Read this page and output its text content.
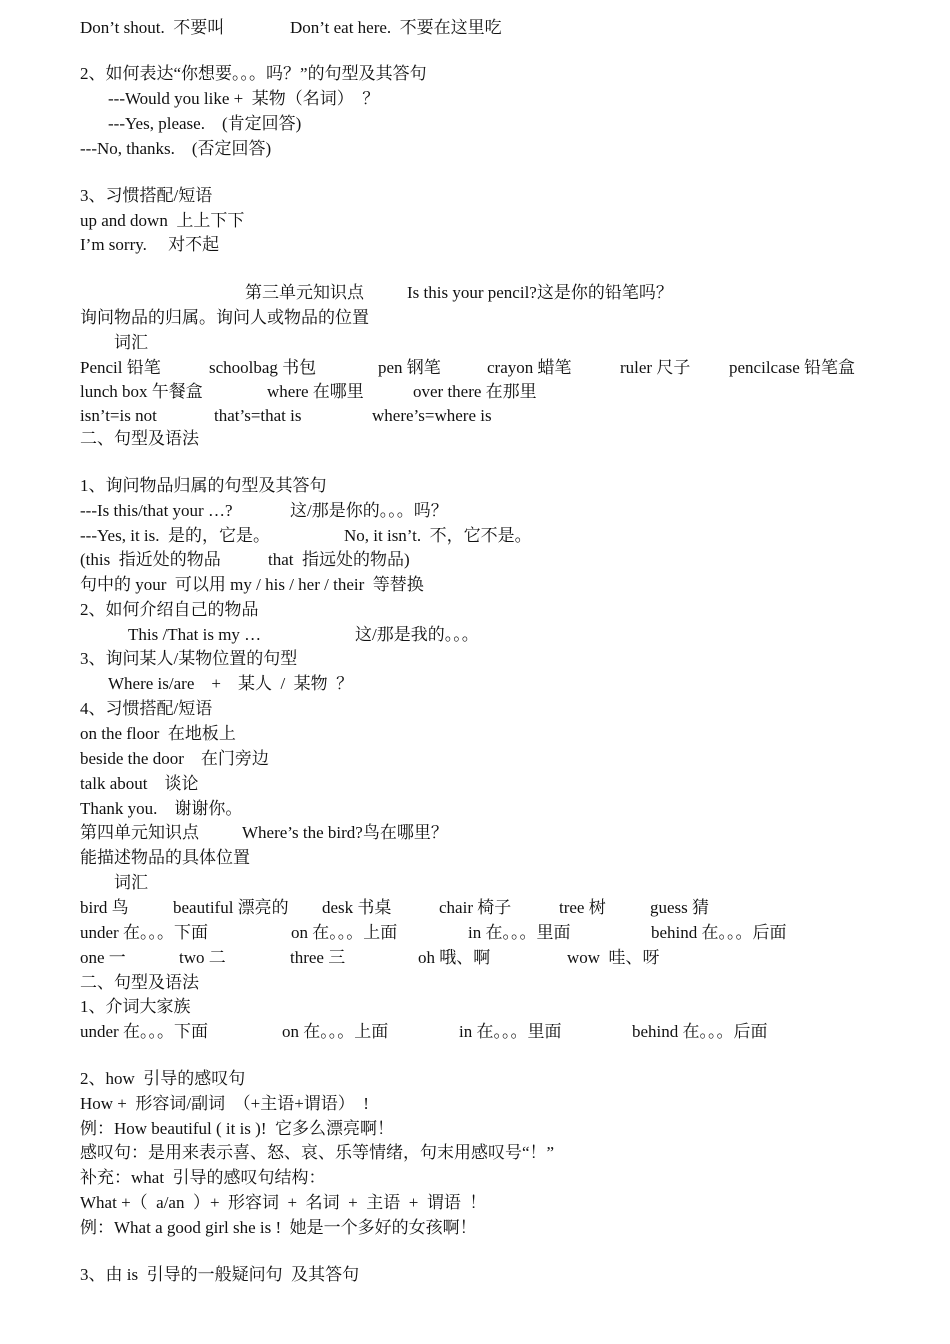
Don’t shout.  不要叫	Don’t eat here.  不要在这里吃
2、如何表达“你想要。。。吗？”的句型及其答句
---Would you like +  某物（名词）  ？
---Yes, please.    (肯定回答)
---No, thanks.    (否定回答)
3、习惯搭配/短语
up and down  上上下下
I’m sorry.     对不起
第三单元知识点	Is this your pencil?这是你的铅笔吗？
询问物品的归属。询问人或物品的位置
词汇
Pencil 铅笔	schoolbag 书包	pen 钢笔	crayon 蜡笔	ruler 尺子 pencilcase 铅笔盒
lunch box 午餐盒	where 在哪里	over there 在那里
isn’t=is not	that’s=that is	where’s=where is
二、句型及语法
1、询问物品归属的句型及其答句
---Is this/that your …?	这/那是你的。。。吗？
---Yes, it is.  是的，它是。	No, it isn’t.  不，它不是。
(this  指近处的物品	that  指远处的物品)
句中的 your  可以用 my / his / her / their  等替换
2、如何介绍自己的物品
This /That is my …	这/那是我的。。。
3、询问某人/某物位置的句型
Where is/are    +    某人  /  某物  ？
4、习惯搭配/短语
on the floor  在地板上
beside the door    在门旁边
talk about    谈论
Thank you.    谢谢你。
第四单元知识点	Where’s the bird?鸟在哪里？
能描述物品的具体位置
词汇
bird 鸟	beautiful 漂亮的 desk 书桌	chair 椅子	tree 树	guess 猜
under 在。。。下面	on 在。。。上面	in 在。。。里面	behind 在。。。后面
one 一	two 二	three 三	oh 哦、啊	wow  哇、呀
二、句型及语法
1、介词大家族
under 在。。。下面	on 在。。。上面	in 在。。。里面	behind 在。。。后面
2、how  引导的感叹句
How +  形容词/副词  （+主语+谓语）  !
例：How beautiful ( it is )!  它多么漂亮啊！
感叹句：是用来表示喜、怒、哀、乐等情绪，句末用感叹号“！”
补充：what  引导的感叹句结构：
What +（  a/an  ）+  形容词  +  名词  +  主语  +  谓语  ！
例：What a good girl she is !  她是一个多好的女孩啊！
3、由 is  引导的一般疑问句  及其答句
